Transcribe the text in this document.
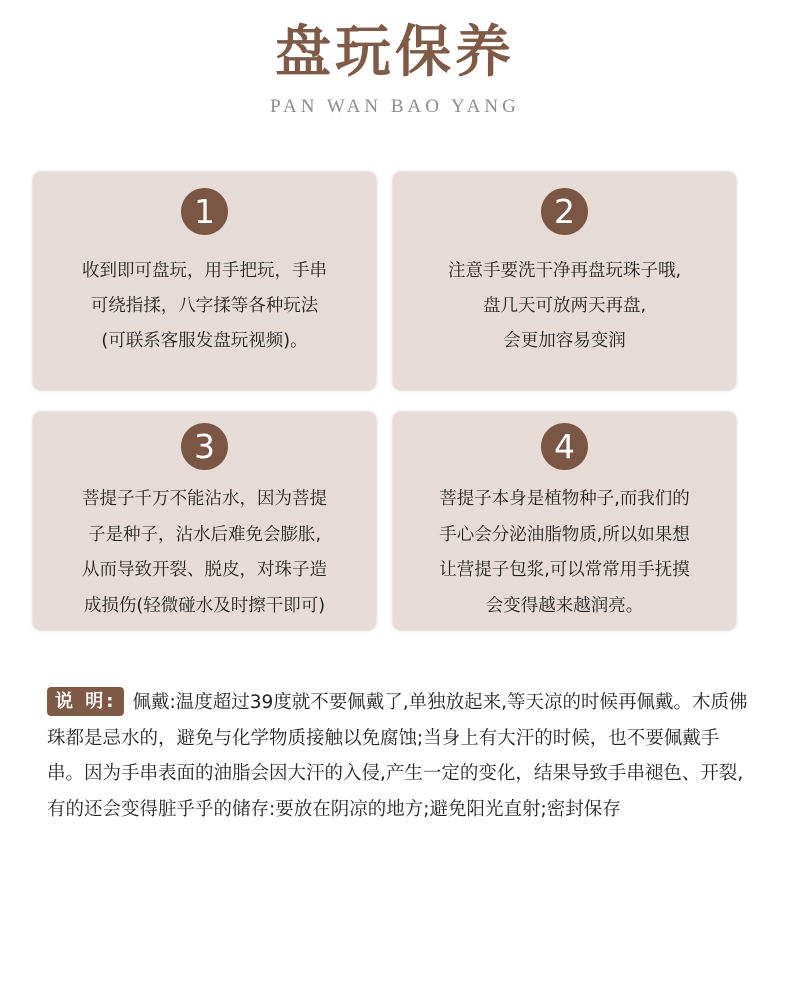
盘玩保养
PAN WAN BAO YANG
1
收到即可盘玩，用手把玩，手串
可绕指揉，八字揉等各种玩法
(可联系客服发盘玩视频)。
2
注意手要洗干净再盘玩珠子哦,
盘几天可放两天再盘,
会更加容易变润
3
菩提子千万不能沾水，因为菩提
子是种子，沾水后难免会膨胀,
从而导致开裂、脱皮，对珠子造
成损伤(轻微碰水及时擦干即可)
4
菩提子本身是植物种子,而我们的
手心会分泌油脂物质,所以如果想
让营提子包浆,可以常常用手抚摸
会变得越来越润亮。
说 明: 佩戴:温度超过39度就不要佩戴了,单独放起来,等天凉的时候再佩戴。木质佛珠都是忌水的，避免与化学物质接触以免腐蚀;当身上有大汗的时候，也不要佩戴手串。因为手串表面的油脂会因大汗的入侵,产生一定的变化，结果导致手串褪色、开裂,有的还会变得脏乎乎的储存:要放在阴凉的地方;避免阳光直射;密封保存
